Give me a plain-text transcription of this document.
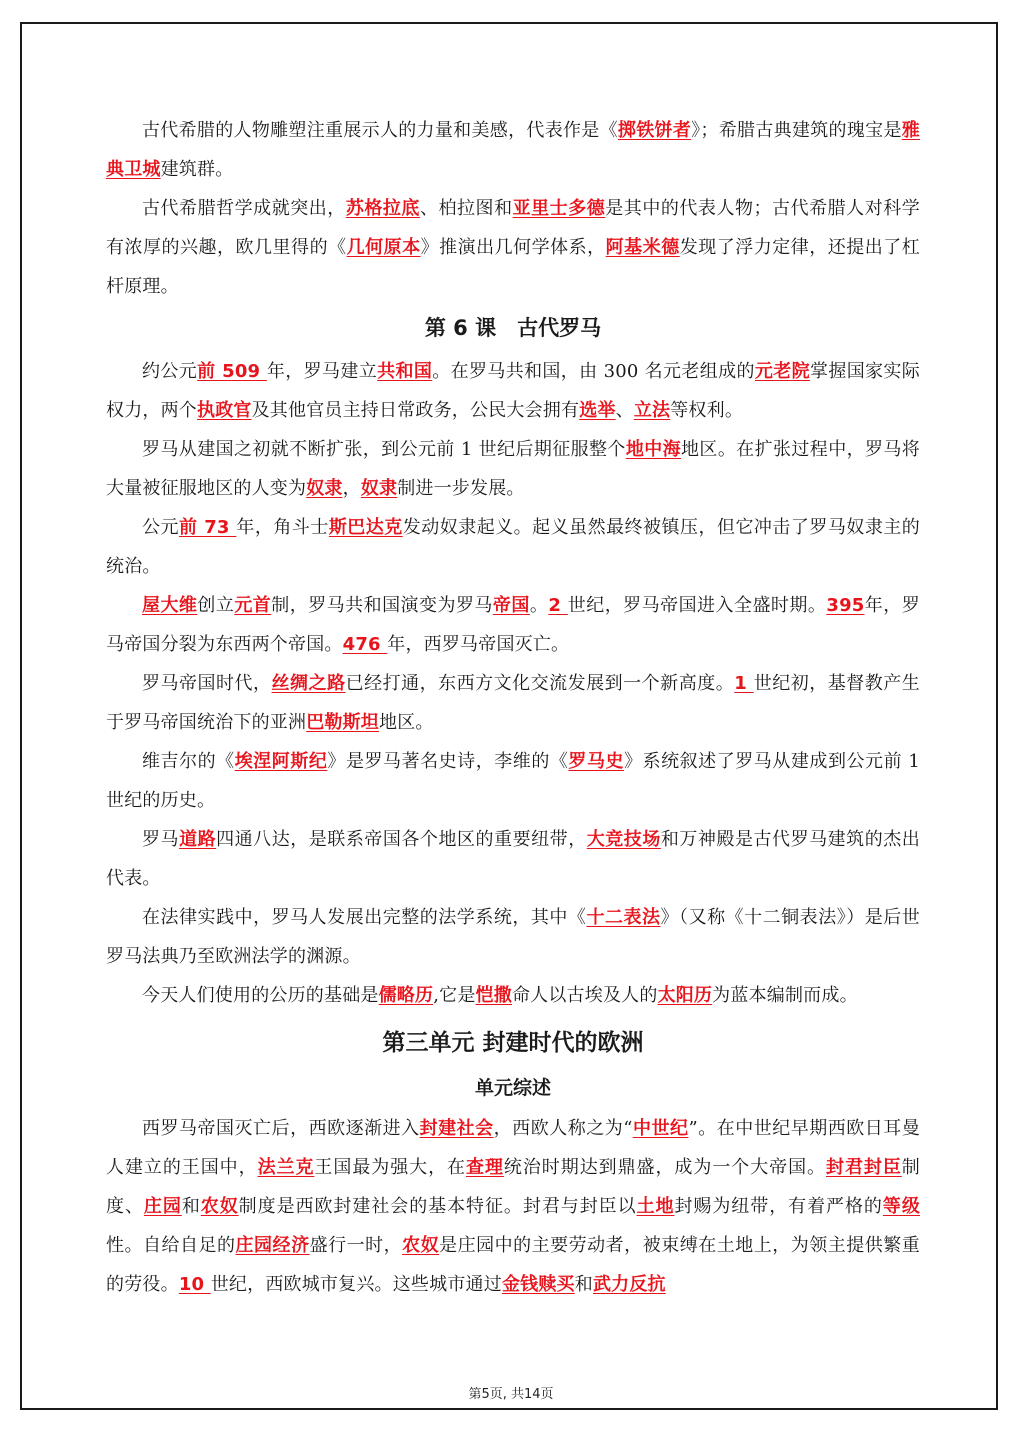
古代希腊的人物雕塑注重展示人的力量和美感，代表作是《掷铁饼者》；希腊古典建筑的瑰宝是雅典卫城建筑群。

古代希腊哲学成就突出，苏格拉底、柏拉图和亚里士多德是其中的代表人物；古代希腊人对科学有浓厚的兴趣，欧几里得的《几何原本》推演出几何学体系，阿基米德发现了浮力定律，还提出了杠杆原理。

第 6 课　古代罗马

约公元前 509 年，罗马建立共和国。在罗马共和国，由 300 名元老组成的元老院掌握国家实际权力，两个执政官及其他官员主持日常政务，公民大会拥有选举、立法等权利。

罗马从建国之初就不断扩张，到公元前 1 世纪后期征服整个地中海地区。在扩张过程中，罗马将大量被征服地区的人变为奴隶，奴隶制进一步发展。

公元前 73 年，角斗士斯巴达克发动奴隶起义。起义虽然最终被镇压，但它冲击了罗马奴隶主的统治。

屋大维创立元首制，罗马共和国演变为罗马帝国。2 世纪，罗马帝国进入全盛时期。395年，罗马帝国分裂为东西两个帝国。476 年，西罗马帝国灭亡。

罗马帝国时代，丝绸之路已经打通，东西方文化交流发展到一个新高度。1 世纪初，基督教产生于罗马帝国统治下的亚洲巴勒斯坦地区。

维吉尔的《埃涅阿斯纪》是罗马著名史诗，李维的《罗马史》系统叙述了罗马从建成到公元前 1 世纪的历史。

罗马道路四通八达，是联系帝国各个地区的重要纽带，大竞技场和万神殿是古代罗马建筑的杰出代表。

在法律实践中，罗马人发展出完整的法学系统，其中《十二表法》（又称《十二铜表法》）是后世罗马法典乃至欧洲法学的渊源。

今天人们使用的公历的基础是儒略历,它是恺撒命人以古埃及人的太阳历为蓝本编制而成。

第三单元 封建时代的欧洲
单元综述

西罗马帝国灭亡后，西欧逐渐进入封建社会，西欧人称之为“中世纪”。在中世纪早期西欧日耳曼人建立的王国中，法兰克王国最为强大，在查理统治时期达到鼎盛，成为一个大帝国。封君封臣制度、庄园和农奴制度是西欧封建社会的基本特征。封君与封臣以土地封赐为纽带，有着严格的等级性。自给自足的庄园经济盛行一时，农奴是庄园中的主要劳动者，被束缚在土地上，为领主提供繁重的劳役。10 世纪，西欧城市复兴。这些城市通过金钱赎买和武力反抗

第5页, 共14页
